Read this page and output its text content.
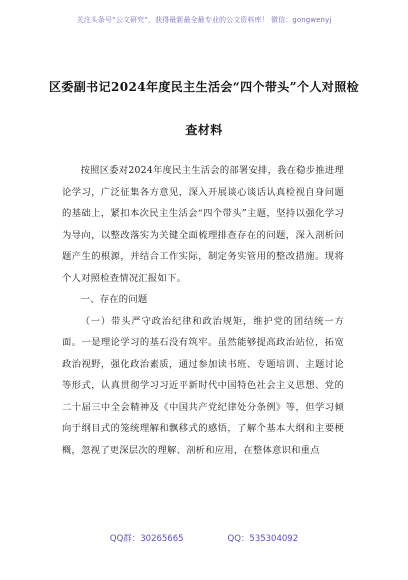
关注头条号“公文研究”，获得最新最全最专业的公文资料库！ 微信：gongwenyj
区委副书记2024年度民主生活会“四个带头”个人对照检
查材料

按照区委对2024年度民主生活会的部署安排，我在稳步推进理论学习，广泛征集各方意见，深入开展谈心谈话认真检视自身问题的基础上，紧扣本次民主生活会“四个带头”主题，坚持以强化学习为导向，以整改落实为关键全面梳理排查存在的问题，深入剖析问题产生的根源，并结合工作实际，制定务实管用的整改措施。现将个人对照检查情况汇报如下。

一、存在的问题

（一）带头严守政治纪律和政治规矩，维护党的团结统一方面。一是理论学习的基石没有筑牢。虽然能够提高政治站位，拓宽政治视野，强化政治素质，通过参加读书班、专题培训、主题讨论等形式，认真贯彻学习习近平新时代中国特色社会主义思想、党的二十届三中全会精神及《中国共产党纪律处分条例》等，但学习倾向于纲目式的笼统理解和飘移式的感悟，了解个基本大纲和主要梗概，忽视了更深层次的理解、剖析和应用，在整体意识和重点

QQ群：30265665	QQ：535304092
